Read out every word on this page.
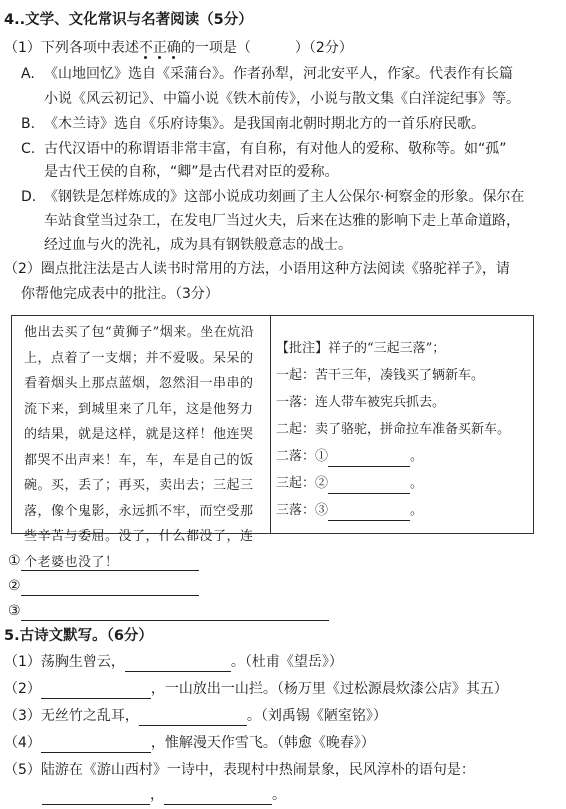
4..文学、文化常识与名著阅读（5分）
（1）下列各项中表述不正确的一项是（	）（2分）
A. 《山地回忆》选自《采蒲台》。作者孙犁，河北安平人，作家。代表作有长篇
小说《风云初记》、中篇小说《铁木前传》，小说与散文集《白洋淀纪事》等。
B. 《木兰诗》选自《乐府诗集》。是我国南北朝时期北方的一首乐府民歌。
C. 古代汉语中的称谓语非常丰富，有自称，有对他人的爱称、敬称等。如“孤”
是古代王侯的自称，“卿”是古代君对臣的爱称。
D. 《钢铁是怎样炼成的》这部小说成功刻画了主人公保尔·柯察金的形象。保尔在
车站食堂当过杂工，在发电厂当过火夫，后来在达雅的影响下走上革命道路，
经过血与火的洗礼，成为具有钢铁般意志的战士。
（2）圈点批注法是古人读书时常用的方法，小语用这种方法阅读《骆驼祥子》，请
你帮他完成表中的批注。（3分）

他出去买了包“黄狮子”烟来。坐在炕沿上，点着了一支烟；并不爱吸。呆呆的看着烟头上那点蓝烟，忽然泪一串串的流下来，到城里来了几年，这是他努力的结果，就是这样，就是这样！他连哭都哭不出声来！车，车，车是自己的饭碗。买，丢了；再买，卖出去；三起三落，像个鬼影，永远抓不牢，而空受那些辛苦与委屈。没了，什么都没了，连个老婆也没了！

【批注】祥子的“三起三落”；
一起：苦干三年，凑钱买了辆新车。
一落：连人带车被宪兵抓去。
二起：卖了骆驼，拼命拉车准备买新车。
二落：①	。
三起：②	。
三落：③	。
①
②
③
5.古诗文默写。（6分）
（1）荡胸生曾云，	。（杜甫《望岳》）
（2）	，一山放出一山拦。（杨万里《过松源晨炊漆公店》其五）
（3）无丝竹之乱耳，	。（刘禹锡《陋室铭》）
（4）	，惟解漫天作雪飞。（韩愈《晚春》）
（5）陆游在《游山西村》一诗中，表现村中热闹景象，民风淳朴的语句是：
，	。
